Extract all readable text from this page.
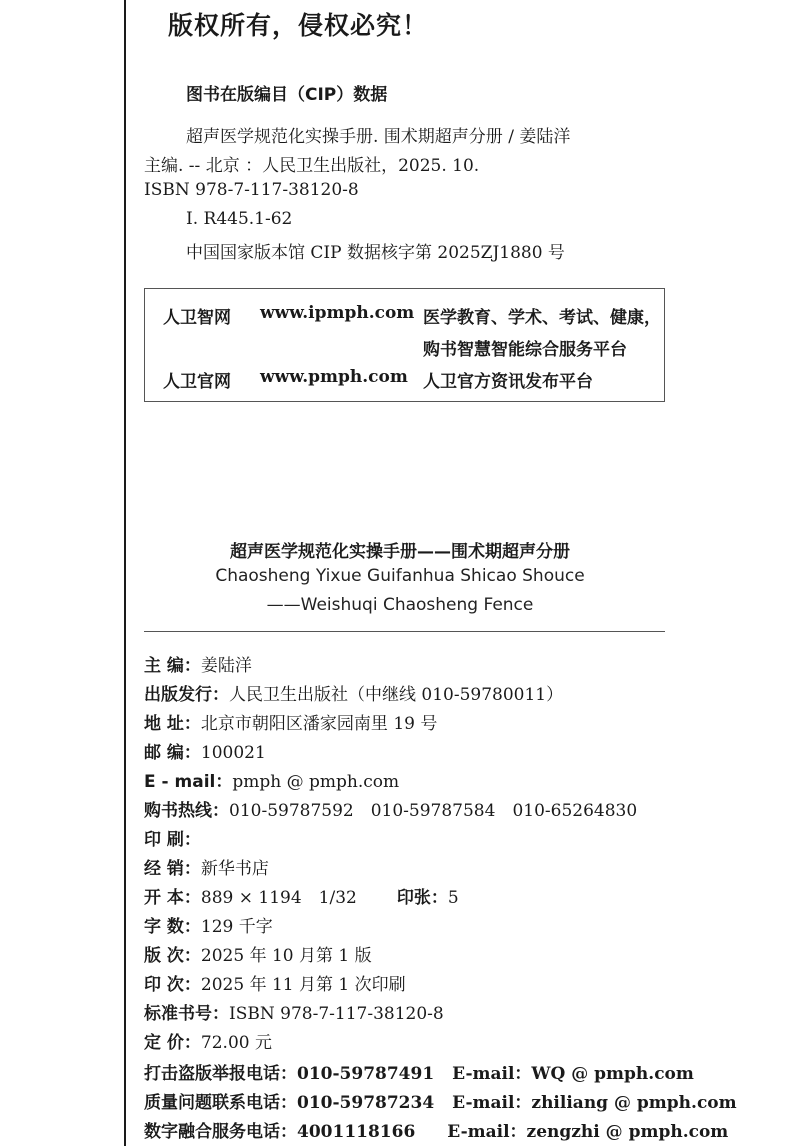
版权所有，侵权必究！
图书在版编目（CIP）数据
超声医学规范化实操手册. 围术期超声分册 / 姜陆洋
主编. -- 北京 ：人民卫生出版社，2025. 10.
ISBN 978-7-117-38120-8
Ⅰ. R445.1-62
中国国家版本馆 CIP 数据核字第 2025ZJ1880 号
人卫智网 www.ipmph.com 医学教育、学术、考试、健康，
购书智慧智能综合服务平台
人卫官网 www.pmph.com 人卫官方资讯发布平台
超声医学规范化实操手册——围术期超声分册
Chaosheng Yixue Guifanhua Shicao Shouce
——Weishuqi Chaosheng Fence
主 编：姜陆洋
出版发行：人民卫生出版社（中继线 010-59780011）
地 址：北京市朝阳区潘家园南里 19 号
邮 编：100021
E - mail：pmph @ pmph.com
购书热线：010-59787592　010-59787584　010-65264830
印 刷：
经 销：新华书店
开 本：889 × 1194　1/32 印张：5
字 数：129 千字
版 次：2025 年 10 月第 1 版
印 次：2025 年 11 月第 1 次印刷
标准书号：ISBN 978-7-117-38120-8
定 价：72.00 元
打击盗版举报电话：010-59787491 E-mail：WQ @ pmph.com
质量问题联系电话：010-59787234 E-mail：zhiliang @ pmph.com
数字融合服务电话：4001118166 E-mail：zengzhi @ pmph.com
